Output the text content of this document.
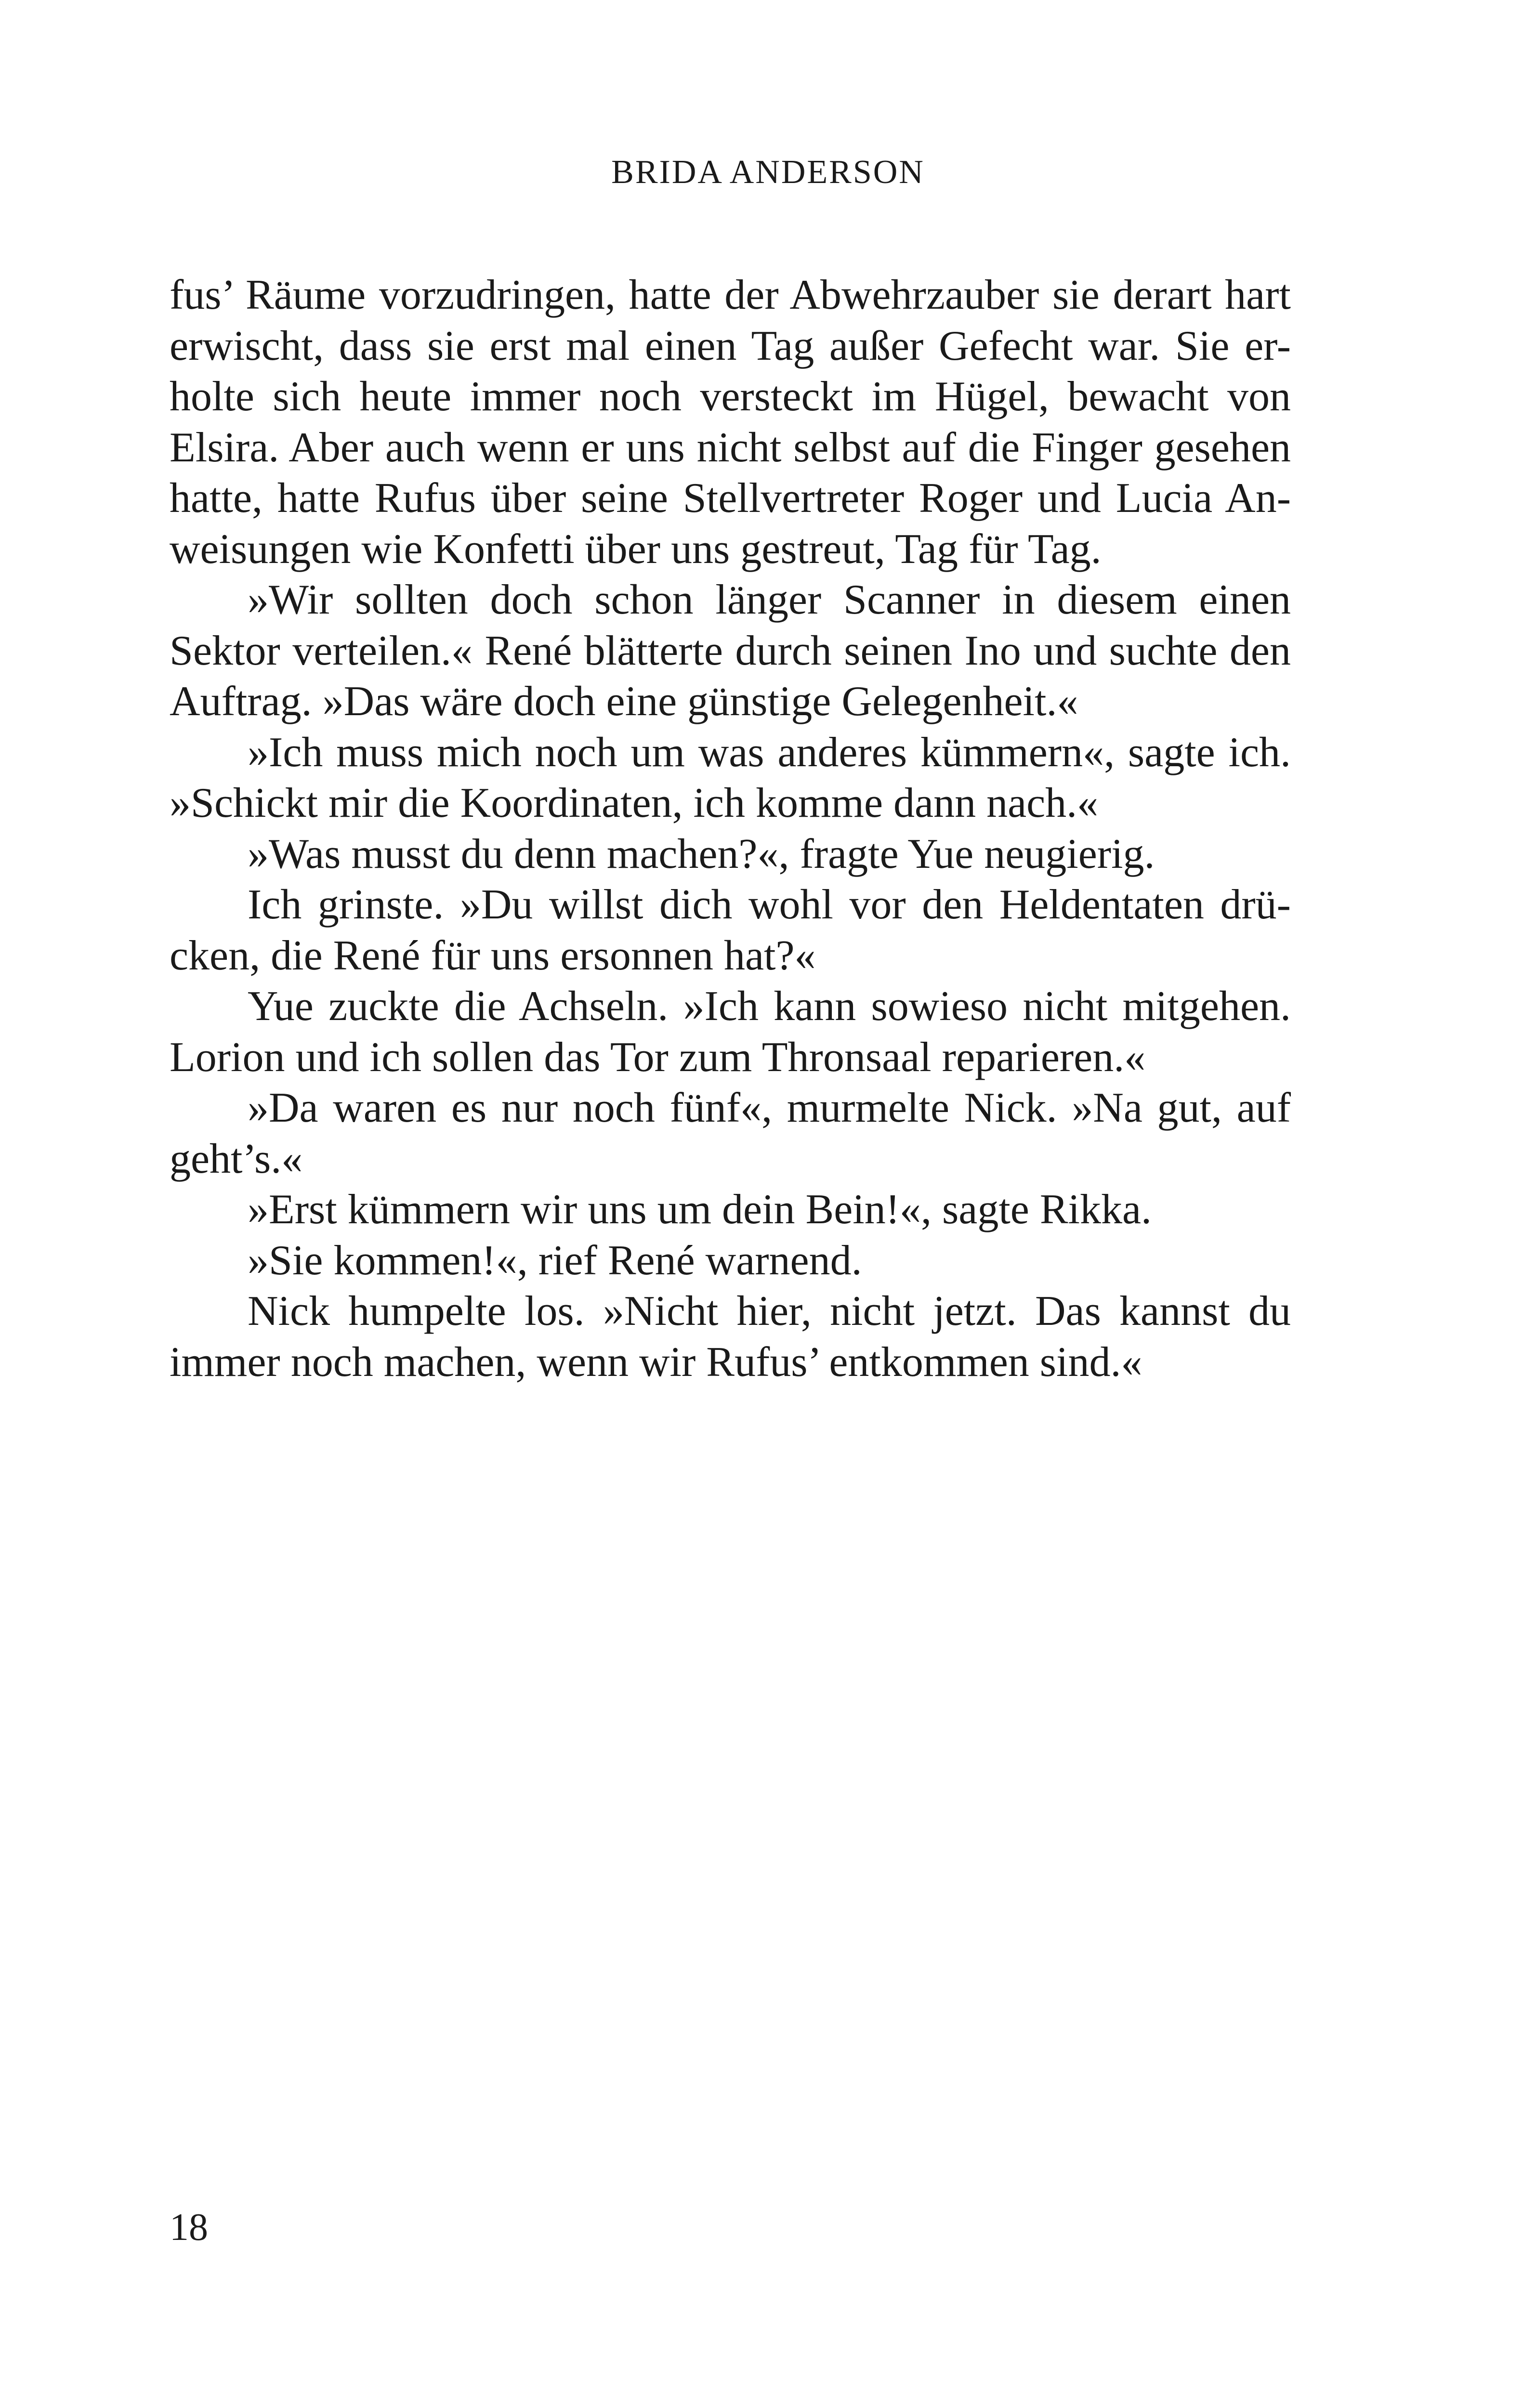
BRIDA ANDERSON
fus’ Räume vorzudringen, hatte der Abwehrzauber sie derart hart
erwischt, dass sie erst mal einen Tag außer Gefecht war. Sie er-
holte sich heute immer noch versteckt im Hügel, bewacht von
Elsira. Aber auch wenn er uns nicht selbst auf die Finger gesehen
hatte, hatte Rufus über seine Stellvertreter Roger und Lucia An-
weisungen wie Konfetti über uns gestreut, Tag für Tag.
»Wir sollten doch schon länger Scanner in diesem einen
Sektor verteilen.« René blätterte durch seinen Ino und suchte den
Auftrag. »Das wäre doch eine günstige Gelegenheit.«
»Ich muss mich noch um was anderes kümmern«, sagte ich.
»Schickt mir die Koordinaten, ich komme dann nach.«
»Was musst du denn machen?«, fragte Yue neugierig.
Ich grinste. »Du willst dich wohl vor den Heldentaten drü-
cken, die René für uns ersonnen hat?«
Yue zuckte die Achseln. »Ich kann sowieso nicht mitgehen.
Lorion und ich sollen das Tor zum Thronsaal reparieren.«
»Da waren es nur noch fünf«, murmelte Nick. »Na gut, auf
geht’s.«
»Erst kümmern wir uns um dein Bein!«, sagte Rikka.
»Sie kommen!«, rief René warnend.
Nick humpelte los. »Nicht hier, nicht jetzt. Das kannst du
immer noch machen, wenn wir Rufus’ entkommen sind.«
18
